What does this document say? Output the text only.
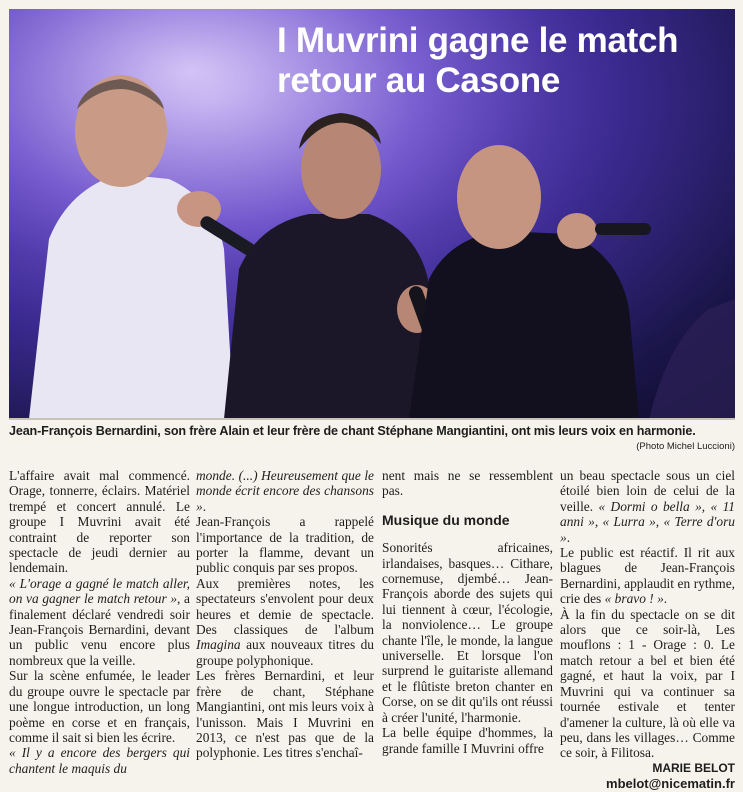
I Muvrini gagne le match
retour au Casone
Jean-François Bernardini, son frère Alain et leur frère de chant Stéphane Mangiantini, ont mis leurs voix en harmonie.
(Photo Michel Luccioni)

L'affaire avait mal commencé. Orage, tonnerre, éclairs. Matériel trempé et concert annulé. Le groupe I Muvrini avait été contraint de reporter son spectacle de jeudi dernier au lendemain.

« L'orage a gagné le match aller, on va gagner le match retour », a finalement déclaré vendredi soir Jean-François Bernardini, devant un public venu encore plus nombreux que la veille.

Sur la scène enfumée, le leader du groupe ouvre le spectacle par une longue introduction, un long poème en corse et en français, comme il sait si bien les écrire.

« Il y a encore des bergers qui chantent le maquis du

monde. (...) Heureusement que le monde écrit encore des chansons ».

Jean-François a rappelé l'importance de la tradition, de porter la flamme, devant un public conquis par ses propos.

Aux premières notes, les spectateurs s'envolent pour deux heures et demie de spectacle. Des classiques de l'album Imagina aux nouveaux titres du groupe polyphonique.

Les frères Bernardini, et leur frère de chant, Stéphane Mangiantini, ont mis leurs voix à l'unisson. Mais I Muvrini en 2013, ce n'est pas que de la polyphonie. Les titres s'enchaî-

nent mais ne se ressemblent pas.

Musique du monde

Sonorités africaines, irlandaises, basques… Cithare, cornemuse, djembé… Jean-François aborde des sujets qui lui tiennent à cœur, l'écologie, la nonviolence… Le groupe chante l'île, le monde, la langue universelle. Et lorsque l'on surprend le guitariste allemand et le flûtiste breton chanter en Corse, on se dit qu'ils ont réussi à créer l'unité, l'harmonie.

La belle équipe d'hommes, la grande famille I Muvrini offre

un beau spectacle sous un ciel étoilé bien loin de celui de la veille. « Dormi o bella », « 11 anni », « Lurra », « Terre d'oru ».

Le public est réactif. Il rit aux blagues de Jean-François Bernardini, applaudit en rythme, crie des « bravo ! ».

À la fin du spectacle on se dit alors que ce soir-là, Les mouflons : 1 - Orage : 0. Le match retour a bel et bien été gagné, et haut la voix, par I Muvrini qui va continuer sa tournée estivale et tenter d'amener la culture, là où elle va peu, dans les villages… Comme ce soir, à Filitosa.

MARIE BELOT

mbelot@nicematin.fr
